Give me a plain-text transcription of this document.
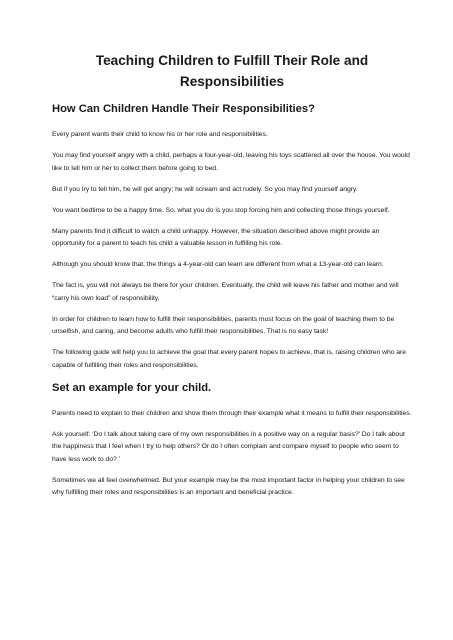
Teaching Children to Fulfill Their Role and Responsibilities
How Can Children Handle Their Responsibilities?

Every parent wants their child to know his or her role and responsibilities.

You may find yourself angry with a child, perhaps a four-year-old, leaving his toys scattered all over the house. You would like to tell him or her to collect them before going to bed.

But if you try to tell him, he will get angry; he will scream and act rudely. So you may find yourself angry.

You want bedtime to be a happy time. So, what you do is you stop forcing him and collecting those things yourself.

Many parents find it difficult to watch a child unhappy. However, the situation described above might provide an opportunity for a parent to teach his child a valuable lesson in fulfilling his role.

Although you should know that, the things a 4-year-old can learn are different from what a 13-year-old can learn.

The fact is, you will not always be there for your children. Eventually, the child will leave his father and mother and will “carry his own load” of responsibility.

In order for children to learn how to fulfill their responsibilities, parents must focus on the goal of teaching them to be unselfish, and caring, and become adults who fulfill their responsibilities. That is no easy task!

The following guide will help you to achieve the goal that every parent hopes to achieve, that is, raising children who are capable of fulfilling their roles and responsibilities.

Set an example for your child.

Parents need to explain to their children and show them through their example what it means to fulfill their responsibilities.

Ask yourself: ‘Do I talk about taking care of my own responsibilities in a positive way on a regular basis?’ Do I talk about the happiness that I feel when I try to help others? Or do I often complain and compare myself to people who seem to have less work to do? ’

Sometimes we all feel overwhelmed. But your example may be the most important factor in helping your children to see why fulfilling their roles and responsibilities is an important and beneficial practice.
